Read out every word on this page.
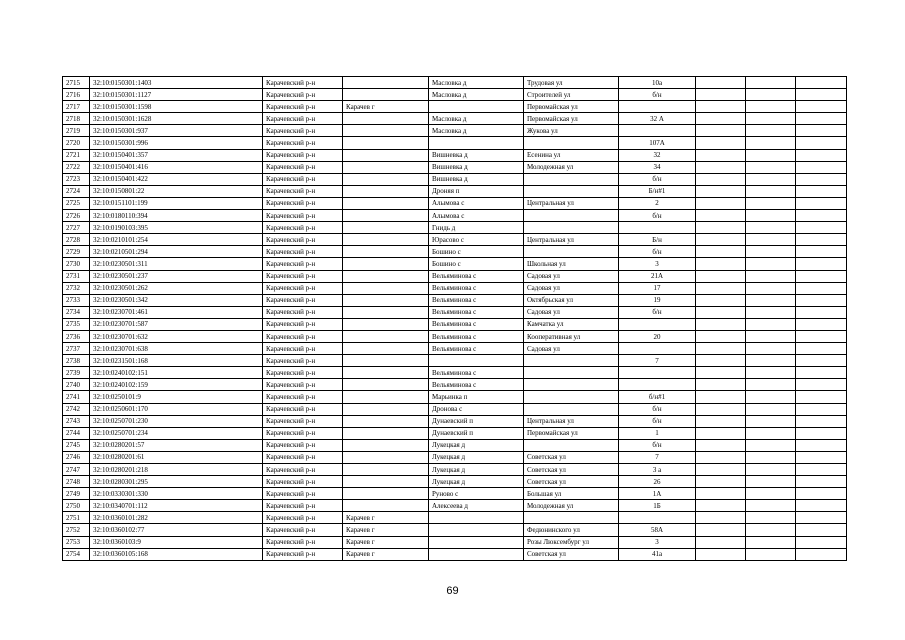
2715	32:10:0150301:1403	Карачевский р-н		Масловка д	Трудовая ул	10а			
2716	32:10:0150301:1127	Карачевский р-н		Масловка д	Строителей ул	б/н			
2717	32:10:0150301:1598	Карачевский р-н	Карачев г		Первомайская ул				
2718	32:10:0150301:1628	Карачевский р-н		Масловка д	Первомайская ул	32 А			
2719	32:10:0150301:937	Карачевский р-н		Масловка д	Жукова ул				
2720	32:10:0150301:996	Карачевский р-н				107А			
2721	32:10:0150401:357	Карачевский р-н		Вишневка д	Есенина ул	32			
2722	32:10:0150401:416	Карачевский р-н		Вишневка д	Молодежная ул	34			
2723	32:10:0150401:422	Карачевский р-н		Вишневка д		б/н			
2724	32:10:0150801:22	Карачевский р-н		Дроняя п		Б/н#1			
2725	32:10:0151101:199	Карачевский р-н		Алымова с	Центральная ул	2			
2726	32:10:0180110:394	Карачевский р-н		Алымова с		б/н			
2727	32:10:0190103:395	Карачевский р-н		Гнидь д					
2728	32:10:0210101:254	Карачевский р-н		Юрасово с	Центральная ул	Б/н			
2729	32:10:0210501:294	Карачевский р-н		Бошино с		б/н			
2730	32:10:0230501:311	Карачевский р-н		Бошино с	Школьная ул	3			
2731	32:10:0230501:237	Карачевский р-н		Вельяминова с	Садовая ул	21А			
2732	32:10:0230501:262	Карачевский р-н		Вельяминова с	Садовая ул	17			
2733	32:10:0230501:342	Карачевский р-н		Вельяминова с	Октябрьская ул	19			
2734	32:10:0230701:461	Карачевский р-н		Вельяминова с	Садовая ул	б/н			
2735	32:10:0230701:587	Карачевский р-н		Вельяминова с	Камчатка ул				
2736	32:10:0230701:632	Карачевский р-н		Вельяминова с	Кооперативная ул	20			
2737	32:10:0230701:638	Карачевский р-н		Вельяминова с	Садовая ул				
2738	32:10:0231501:168	Карачевский р-н				7			
2739	32:10:0240102:151	Карачевский р-н		Вельяминова с					
2740	32:10:0240102:159	Карачевский р-н		Вельяминова с					
2741	32:10:0250101:9	Карачевский р-н		Марьинка п		б/н#1			
2742	32:10:0250601:170	Карачевский р-н		Дронова с		б/н			
2743	32:10:0250701:230	Карачевский р-н		Дунаевский п	Центральная ул	б/н			
2744	32:10:0250701:234	Карачевский р-н		Дунаевский п	Первомайская ул	1			
2745	32:10:0280201:57	Карачевский р-н		Лукецкая д		б/н			
2746	32:10:0280201:61	Карачевский р-н		Лукецкая д	Советская ул	7			
2747	32:10:0280201:218	Карачевский р-н		Лукецкая д	Советская ул	3 а			
2748	32:10:0280301:295	Карачевский р-н		Лукецкая д	Советская ул	26			
2749	32:10:0330301:330	Карачевский р-н		Руново с	Большая ул	1А			
2750	32:10:0340701:112	Карачевский р-н		Алексеева д	Молодежная ул	1Б			
2751	32:10:0360101:282	Карачевский р-н	Карачев г						
2752	32:10:0360102:77	Карачевский р-н	Карачев г		Федюнинского ул	58А			
2753	32:10:0360103:9	Карачевский р-н	Карачев г		Розы Люксембург ул	3			
2754	32:10:0360105:168	Карачевский р-н	Карачев г		Советская ул	41а			
69
